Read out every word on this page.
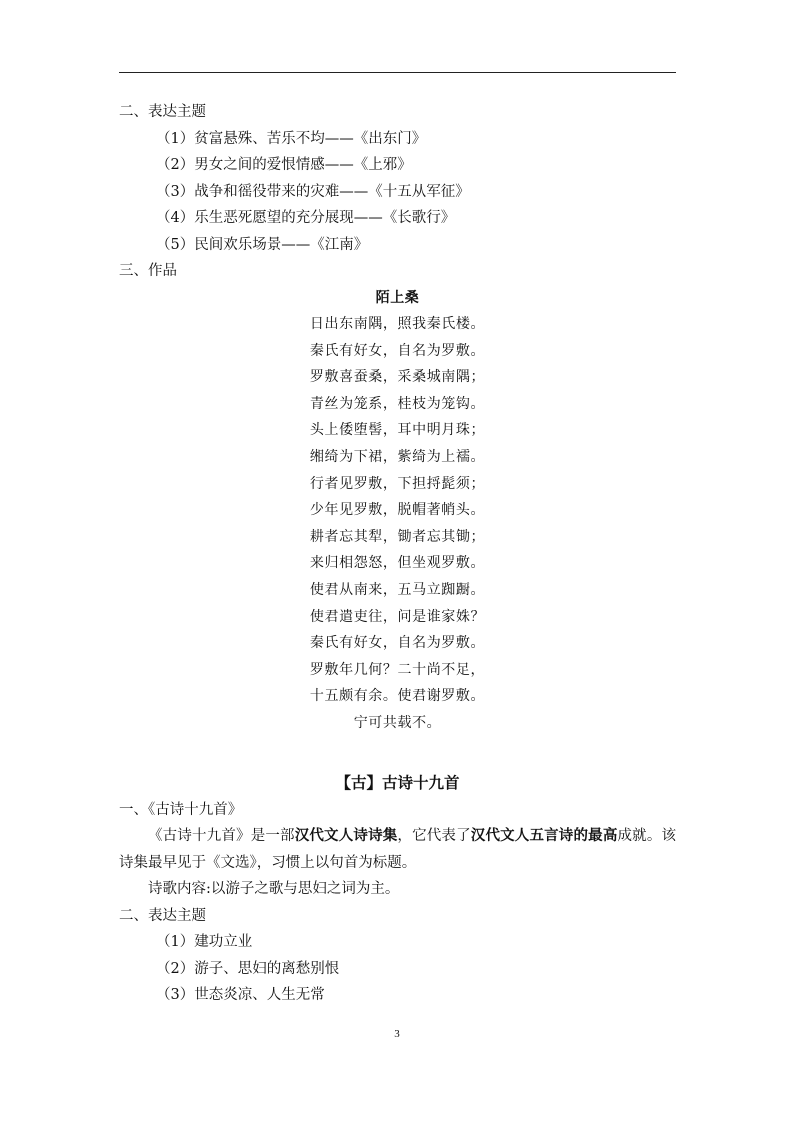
二、表达主题
（1）贫富悬殊、苦乐不均——《出东门》
（2）男女之间的爱恨情感——《上邪》
（3）战争和徭役带来的灾难——《十五从军征》
（4）乐生恶死愿望的充分展现——《长歌行》
（5）民间欢乐场景——《江南》
三、作品
陌上桑
日出东南隅，照我秦氏楼。
秦氏有好女，自名为罗敷。
罗敷喜蚕桑，采桑城南隅；
青丝为笼系，桂枝为笼钩。
头上倭堕髻，耳中明月珠；
缃绮为下裙，紫绮为上襦。
行者见罗敷，下担捋髭须；
少年见罗敷，脱帽著帩头。
耕者忘其犁，锄者忘其锄；
来归相怨怒，但坐观罗敷。
使君从南来，五马立踟蹰。
使君遣吏往，问是谁家姝？
秦氏有好女，自名为罗敷。
罗敷年几何？二十尚不足，
十五颇有余。使君谢罗敷。
宁可共载不。
【古】古诗十九首
一、《古诗十九首》

《古诗十九首》是一部汉代文人诗诗集，它代表了汉代文人五言诗的最高成就。该诗集最早见于《文选》，习惯上以句首为标题。

诗歌内容:以游子之歌与思妇之词为主。
二、表达主题
（1）建功立业
（2）游子、思妇的离愁别恨
（3）世态炎凉、人生无常
3
